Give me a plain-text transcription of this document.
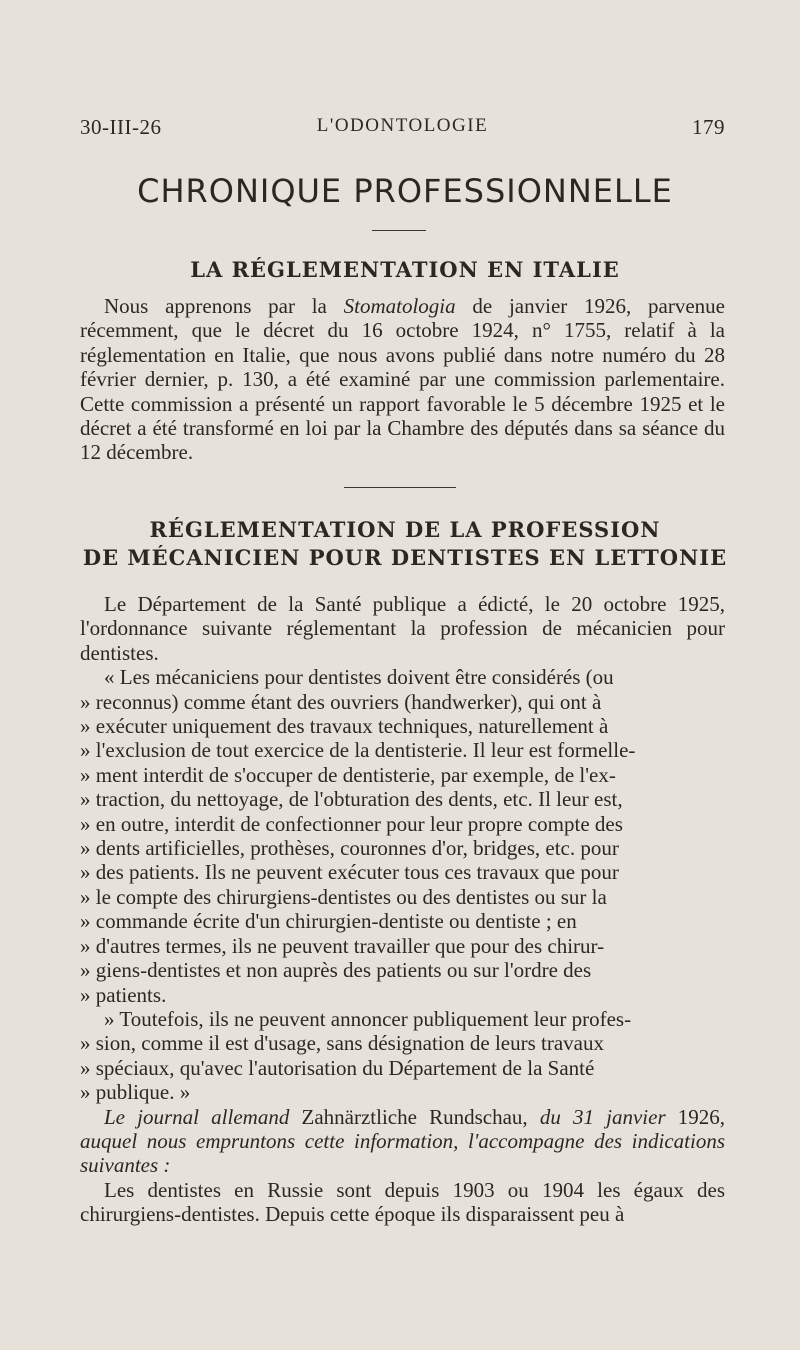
30-III-26	L'ODONTOLOGIE	179
CHRONIQUE PROFESSIONNELLE
LA RÉGLEMENTATION EN ITALIE

Nous apprenons par la Stomatologia de janvier 1926, parvenue récemment, que le décret du 16 octobre 1924, n° 1755, relatif à la réglementation en Italie, que nous avons publié dans notre numéro du 28 février dernier, p. 130, a été examiné par une commission parlementaire. Cette commission a présenté un rapport favorable le 5 décembre 1925 et le décret a été transformé en loi par la Chambre des députés dans sa séance du 12 décembre.

RÉGLEMENTATION DE LA PROFESSION
DE MÉCANICIEN POUR DENTISTES EN LETTONIE

Le Département de la Santé publique a édicté, le 20 octobre 1925, l'ordonnance suivante réglementant la profession de mécanicien pour dentistes.

« Les mécaniciens pour dentistes doivent être considérés (ou
» reconnus) comme étant des ouvriers (handwerker), qui ont à
» exécuter uniquement des travaux techniques, naturellement à
» l'exclusion de tout exercice de la dentisterie. Il leur est formelle-
» ment interdit de s'occuper de dentisterie, par exemple, de l'ex-
» traction, du nettoyage, de l'obturation des dents, etc. Il leur est,
» en outre, interdit de confectionner pour leur propre compte des
» dents artificielles, prothèses, couronnes d'or, bridges, etc. pour
» des patients. Ils ne peuvent exécuter tous ces travaux que pour
» le compte des chirurgiens-dentistes ou des dentistes ou sur la
» commande écrite d'un chirurgien-dentiste ou dentiste ; en
» d'autres termes, ils ne peuvent travailler que pour des chirur-
» giens-dentistes et non auprès des patients ou sur l'ordre des
» patients.
» Toutefois, ils ne peuvent annoncer publiquement leur profes-
» sion, comme il est d'usage, sans désignation de leurs travaux
» spéciaux, qu'avec l'autorisation du Département de la Santé
» publique. »

Le journal allemand Zahnärztliche Rundschau, du 31 janvier 1926, auquel nous empruntons cette information, l'accompagne des indications suivantes :

Les dentistes en Russie sont depuis 1903 ou 1904 les égaux des chirurgiens-dentistes. Depuis cette époque ils disparaissent peu à
